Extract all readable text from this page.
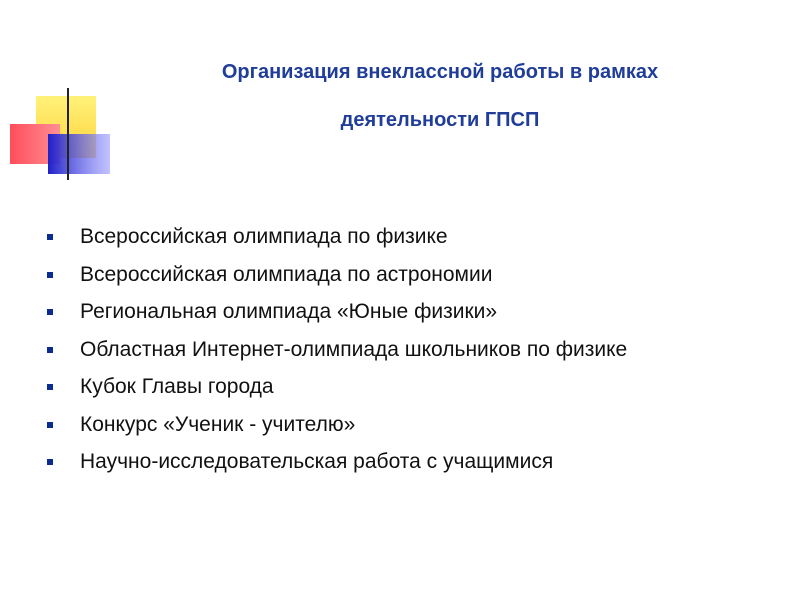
Организация внеклассной работы в рамках
деятельности ГПСП
Всероссийская олимпиада по физике
Всероссийская олимпиада по астрономии
Региональная олимпиада «Юные физики»
Областная Интернет-олимпиада школьников по физике
Кубок Главы города
Конкурс «Ученик - учителю»
Научно-исследовательская работа с учащимися
